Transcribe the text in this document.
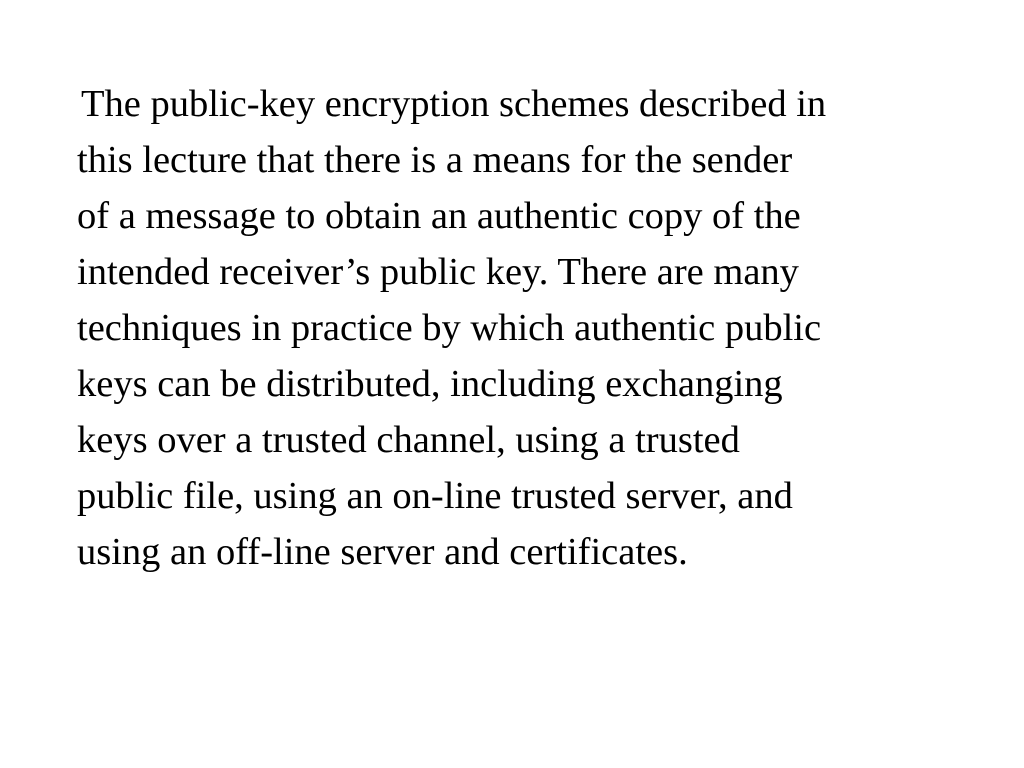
The public-key encryption schemes described in
this lecture that there is a means for the sender
of a message to obtain an authentic copy of the
intended receiver’s public key. There are many
techniques in practice by which authentic public
keys can be distributed, including exchanging
keys over a trusted channel, using a trusted
public file, using an on-line trusted server, and
using an off-line server and certificates.
